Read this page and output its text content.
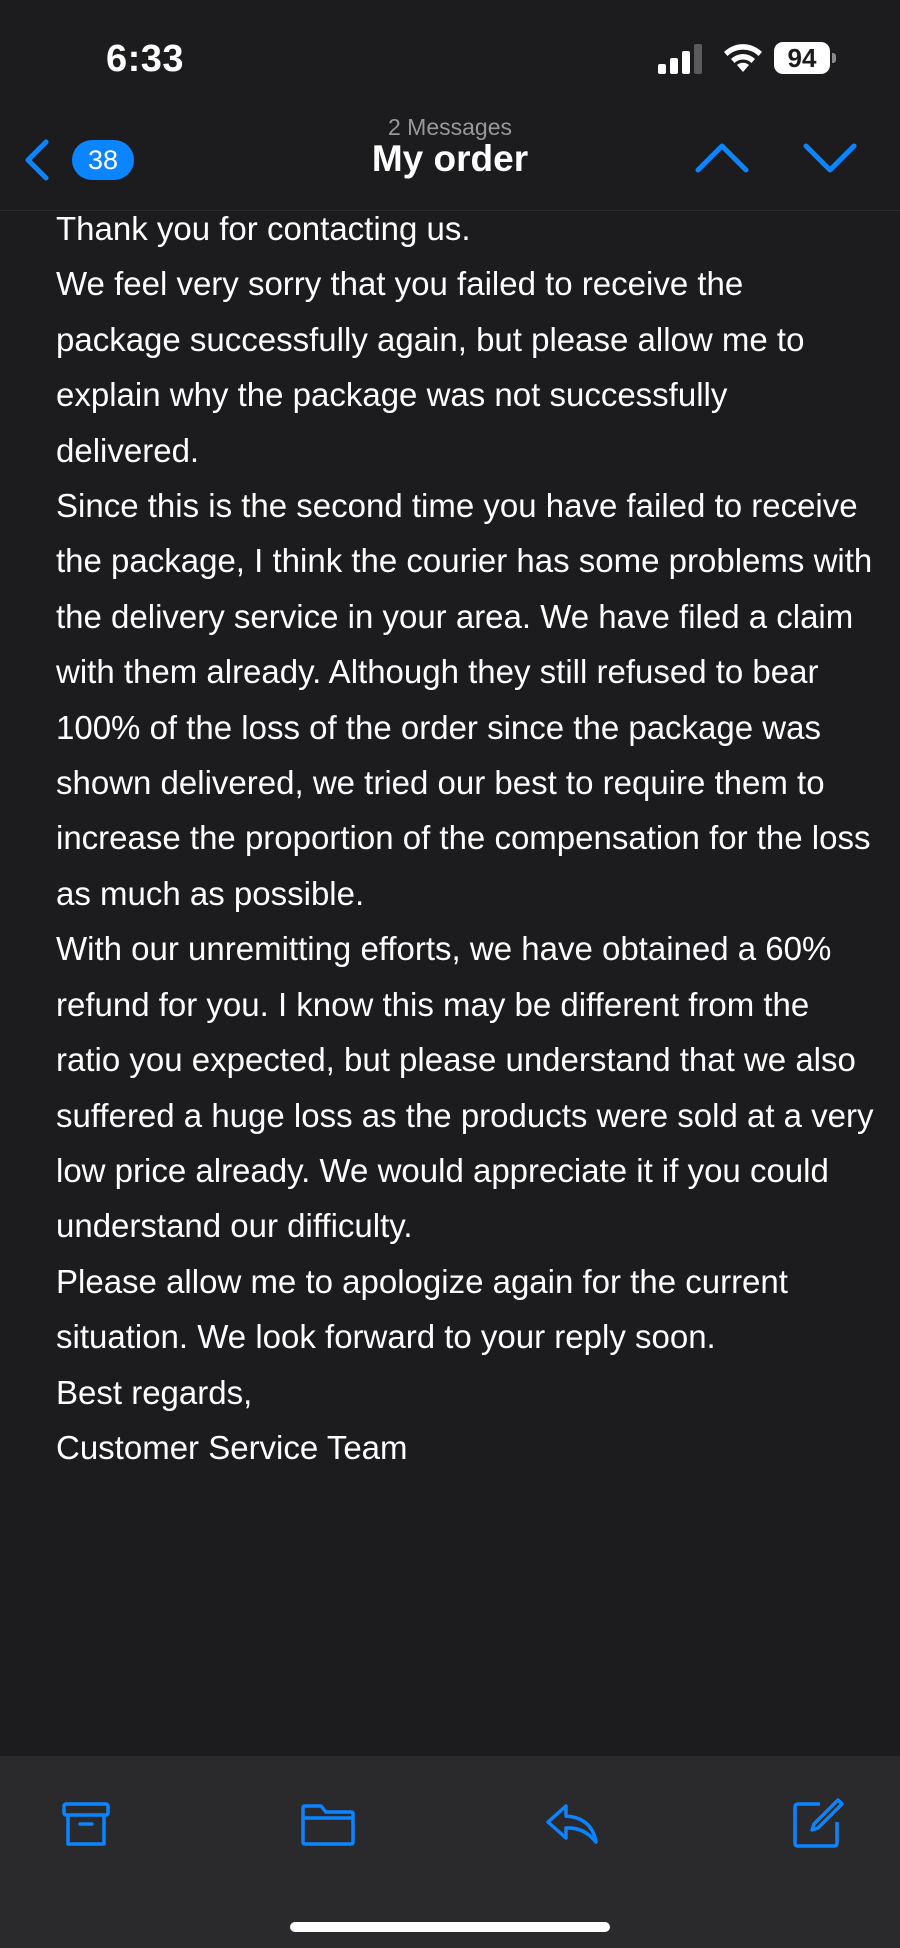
6:33	94
38
2 Messages
My order

Thank you for contacting us.

We feel very sorry that you failed to receive the package successfully again, but please allow me to explain why the package was not successfully delivered.

Since this is the second time you have failed to receive the package, I think the courier has some problems with the delivery service in your area. We have filed a claim with them already. Although they still refused to bear 100% of the loss of the order since the package was shown delivered, we tried our best to require them to increase the proportion of the compensation for the loss as much as possible.

With our unremitting efforts, we have obtained a 60% refund for you. I know this may be different from the ratio you expected, but please understand that we also suffered a huge loss as the products were sold at a very low price already. We would appreciate it if you could understand our difficulty.

Please allow me to apologize again for the current situation. We look forward to your reply soon.

Best regards,

Customer Service Team
